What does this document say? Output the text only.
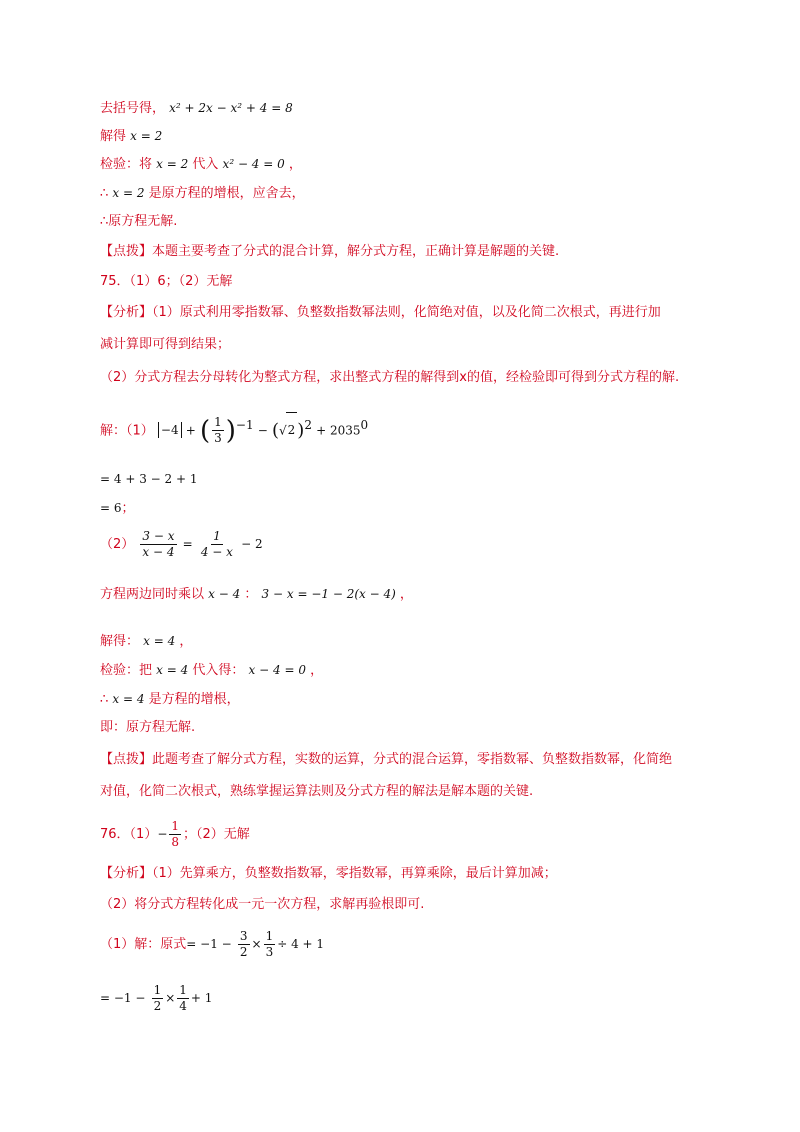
去括号得， x² + 2x − x² + 4 = 8
解得 x = 2
检验：将 x = 2 代入 x² − 4 = 0 ，
∴ x = 2 是原方程的增根，应舍去，
∴原方程无解.
【点拨】本题主要考查了分式的混合计算，解分式方程，正确计算是解题的关键.
75．（1）6；（2）无解
【分析】（1）原式利用零指数幂、负整数指数幂法则，化简绝对值，以及化简二次根式，再进行加
减计算即可得到结果；
（2）分式方程去分母转化为整式方程，求出整式方程的解得到x的值，经检验即可得到分式方程的解.
解：（1） −4 + ( $\frac{1}{3} )^{-1} - (√2$ )$^2 + 2035^0$
= 4 + 3 − 2 + 1
= 6；
$(2) \frac{3 - x}{x - 4} = \frac{1}{4 - x} - 2$
方程两边同时乘以 x − 4 ： 3 − x = −1 − 2(x − 4) ，
解得： x = 4 ，
检验：把 x = 4 代入得： x − 4 = 0 ，
∴ x = 4 是方程的增根，
即：原方程无解.
【点拨】此题考查了解分式方程，实数的运算，分式的混合运算，零指数幂、负整数指数幂，化简绝
对值，化简二次根式，熟练掌握运算法则及分式方程的解法是解本题的关键.
76．$(1)- \frac{1}{8}$ ；（2）无解
【分析】（1）先算乘方，负整数指数幂，零指数幂，再算乘除，最后计算加减；
（2）将分式方程转化成一元一次方程，求解再验根即可.
（1）解：原式= $-1 - \frac{3}{2} \times \frac{1}{3} \div 4 + 1$
= $-1 - \frac{1}{2} \times \frac{1}{4} + 1$
